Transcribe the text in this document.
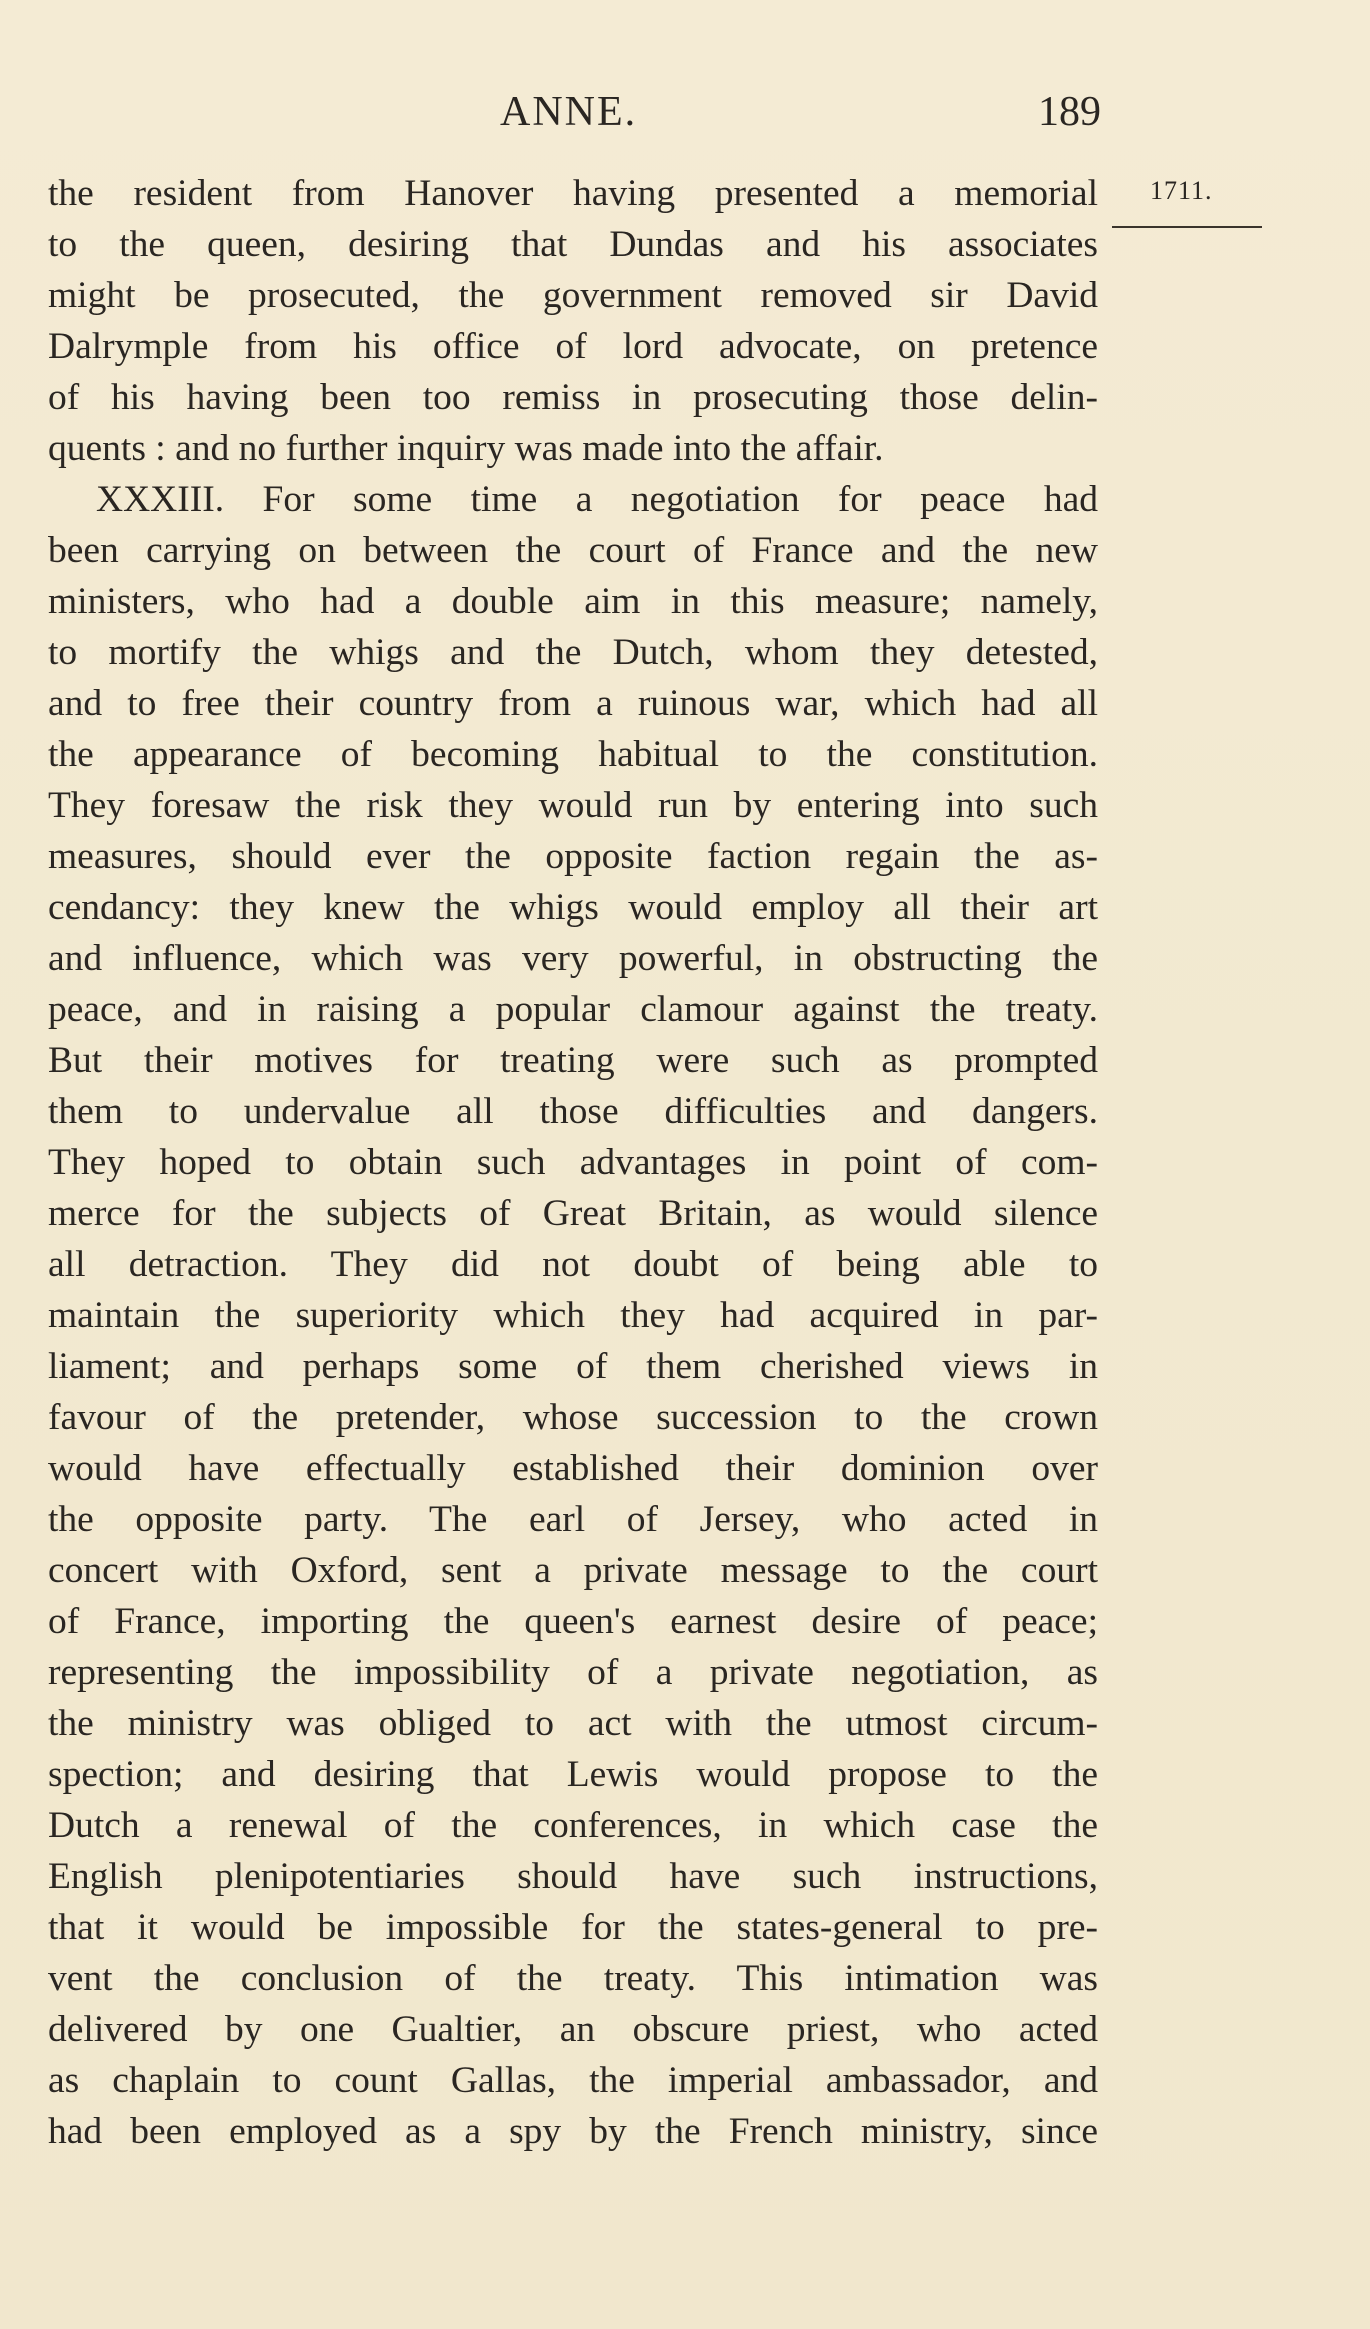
ANNE.	189
1711.
the resident from Hanover having presented a memorial
to the queen, desiring that Dundas and his associates
might be prosecuted, the government removed sir David
Dalrymple from his office of lord advocate, on pretence
of his having been too remiss in prosecuting those delin-
quents : and no further inquiry was made into the affair.
XXXIII. For some time a negotiation for peace had
been carrying on between the court of France and the new
ministers, who had a double aim in this measure; namely,
to mortify the whigs and the Dutch, whom they detested,
and to free their country from a ruinous war, which had all
the appearance of becoming habitual to the constitution.
They foresaw the risk they would run by entering into such
measures, should ever the opposite faction regain the as-
cendancy: they knew the whigs would employ all their art
and influence, which was very powerful, in obstructing the
peace, and in raising a popular clamour against the treaty.
But their motives for treating were such as prompted
them to undervalue all those difficulties and dangers.
They hoped to obtain such advantages in point of com-
merce for the subjects of Great Britain, as would silence
all detraction. They did not doubt of being able to
maintain the superiority which they had acquired in par-
liament; and perhaps some of them cherished views in
favour of the pretender, whose succession to the crown
would have effectually established their dominion over
the opposite party. The earl of Jersey, who acted in
concert with Oxford, sent a private message to the court
of France, importing the queen's earnest desire of peace;
representing the impossibility of a private negotiation, as
the ministry was obliged to act with the utmost circum-
spection; and desiring that Lewis would propose to the
Dutch a renewal of the conferences, in which case the
English plenipotentiaries should have such instructions,
that it would be impossible for the states-general to pre-
vent the conclusion of the treaty. This intimation was
delivered by one Gualtier, an obscure priest, who acted
as chaplain to count Gallas, the imperial ambassador, and
had been employed as a spy by the French ministry, since
